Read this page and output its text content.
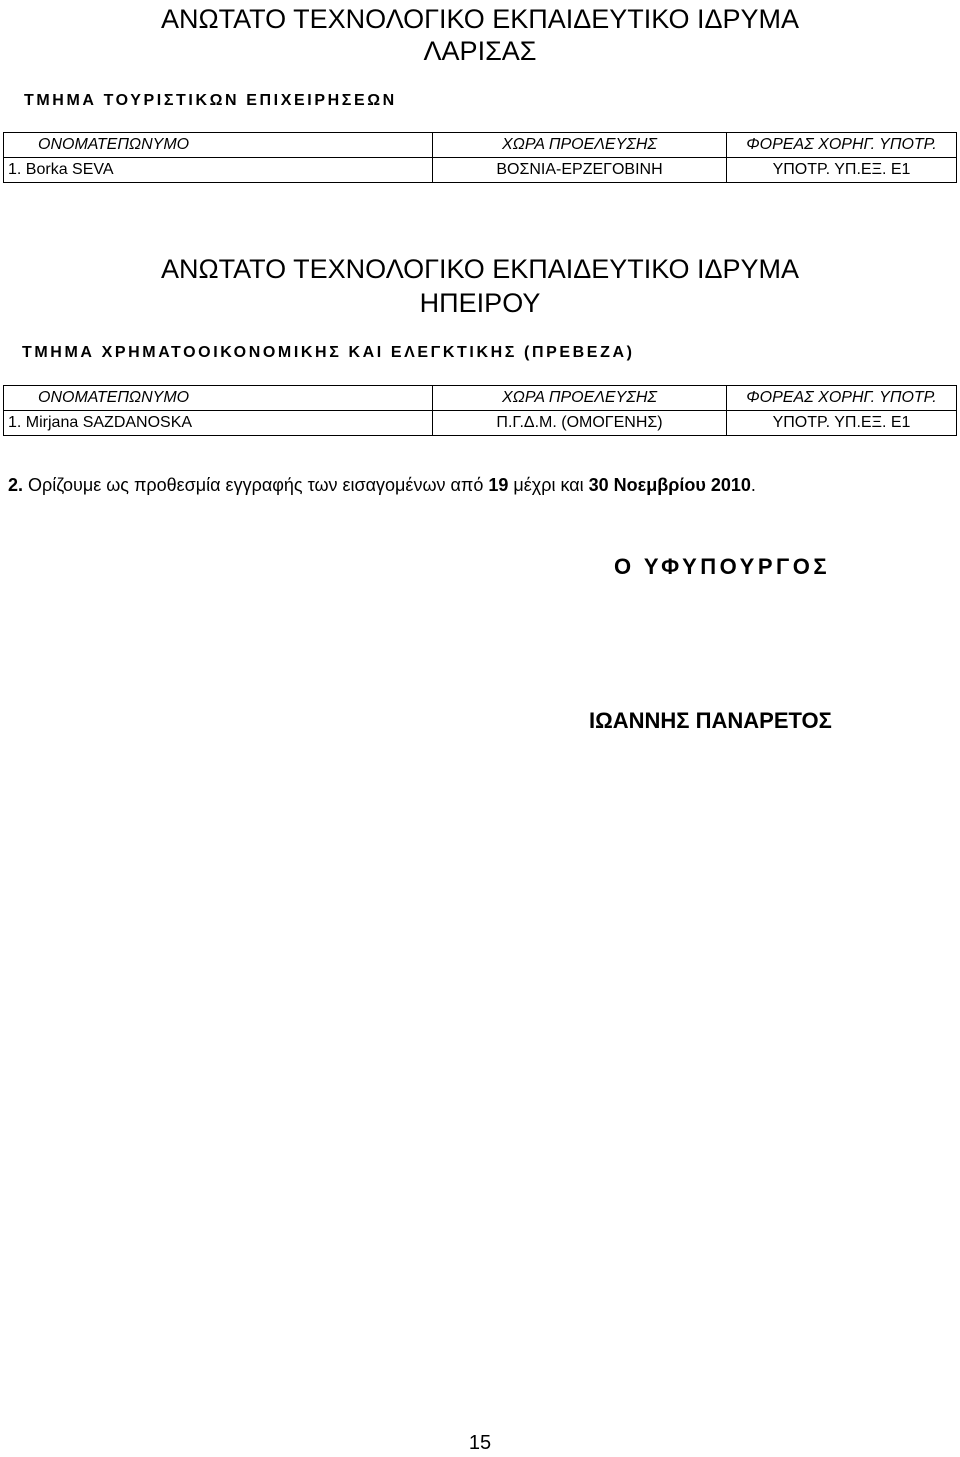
ΑΝΩΤΑΤΟ ΤΕΧΝΟΛΟΓΙΚΟ ΕΚΠΑΙΔΕΥΤΙΚΟ ΙΔΡΥΜΑ
ΛΑΡΙΣΑΣ

ΤΜΗΜΑ ΤΟΥΡΙΣΤΙΚΩΝ ΕΠΙΧΕΙΡΗΣΕΩΝ

ΟΝΟΜΑΤΕΠΩΝΥΜΟ	ΧΩΡΑ ΠΡΟΕΛΕΥΣΗΣ	ΦΟΡΕΑΣ ΧΟΡΗΓ. ΥΠΟΤΡ.
1. Borka SEVA	ΒΟΣΝΙΑ-ΕΡΖΕΓΟΒΙΝΗ	ΥΠΟΤΡ. ΥΠ.ΕΞ. Ε1
ΑΝΩΤΑΤΟ ΤΕΧΝΟΛΟΓΙΚΟ ΕΚΠΑΙΔΕΥΤΙΚΟ ΙΔΡΥΜΑ
ΗΠΕΙΡΟΥ

ΤΜΗΜΑ ΧΡΗΜΑΤΟΟΙΚΟΝΟΜΙΚΗΣ ΚΑΙ ΕΛΕΓΚΤΙΚΗΣ (ΠΡΕΒΕΖΑ)

ΟΝΟΜΑΤΕΠΩΝΥΜΟ	ΧΩΡΑ ΠΡΟΕΛΕΥΣΗΣ	ΦΟΡΕΑΣ ΧΟΡΗΓ. ΥΠΟΤΡ.
1. Mirjana SAZDANOSKA	Π.Γ.Δ.Μ. (ΟΜΟΓΕΝΗΣ)	ΥΠΟΤΡ. ΥΠ.ΕΞ. Ε1

2. Ορίζουμε ως προθεσμία εγγραφής των εισαγομένων από 19 μέχρι και 30 Νοεμβρίου 2010.

Ο ΥΦΥΠΟΥΡΓΟΣ

ΙΩΑΝΝΗΣ ΠΑΝΑΡΕΤΟΣ

15
